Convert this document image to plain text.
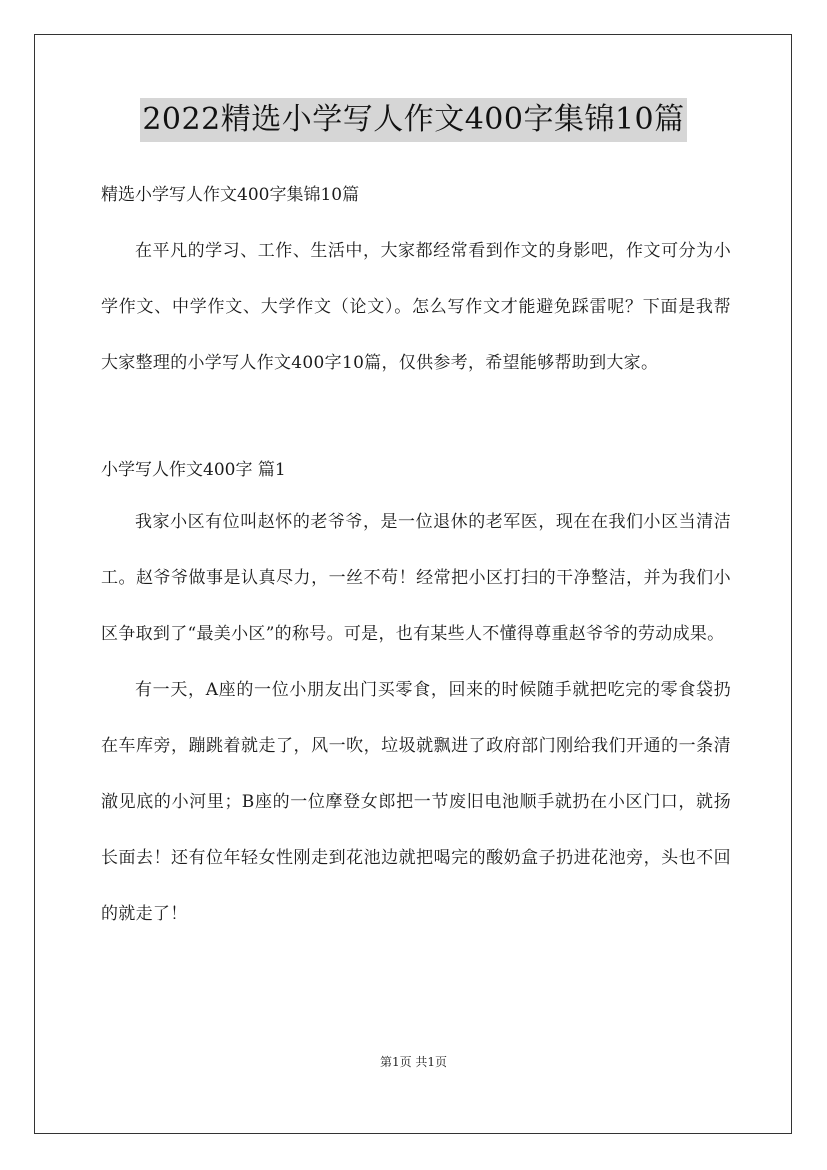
2022精选小学写人作文400字集锦10篇

精选小学写人作文400字集锦10篇

在平凡的学习、工作、生活中，大家都经常看到作文的身影吧，作文可分为小学作文、中学作文、大学作文（论文）。怎么写作文才能避免踩雷呢？下面是我帮大家整理的小学写人作文400字10篇，仅供参考，希望能够帮助到大家。

小学写人作文400字 篇1

我家小区有位叫赵怀的老爷爷，是一位退休的老军医，现在在我们小区当清洁工。赵爷爷做事是认真尽力，一丝不苟！经常把小区打扫的干净整洁，并为我们小区争取到了“最美小区”的称号。可是，也有某些人不懂得尊重赵爷爷的劳动成果。

有一天，A座的一位小朋友出门买零食，回来的时候随手就把吃完的零食袋扔在车库旁，蹦跳着就走了，风一吹，垃圾就飘进了政府部门刚给我们开通的一条清澈见底的小河里；B座的一位摩登女郎把一节废旧电池顺手就扔在小区门口，就扬长面去！还有位年轻女性刚走到花池边就把喝完的酸奶盒子扔进花池旁，头也不回的就走了！

第1页 共1页
